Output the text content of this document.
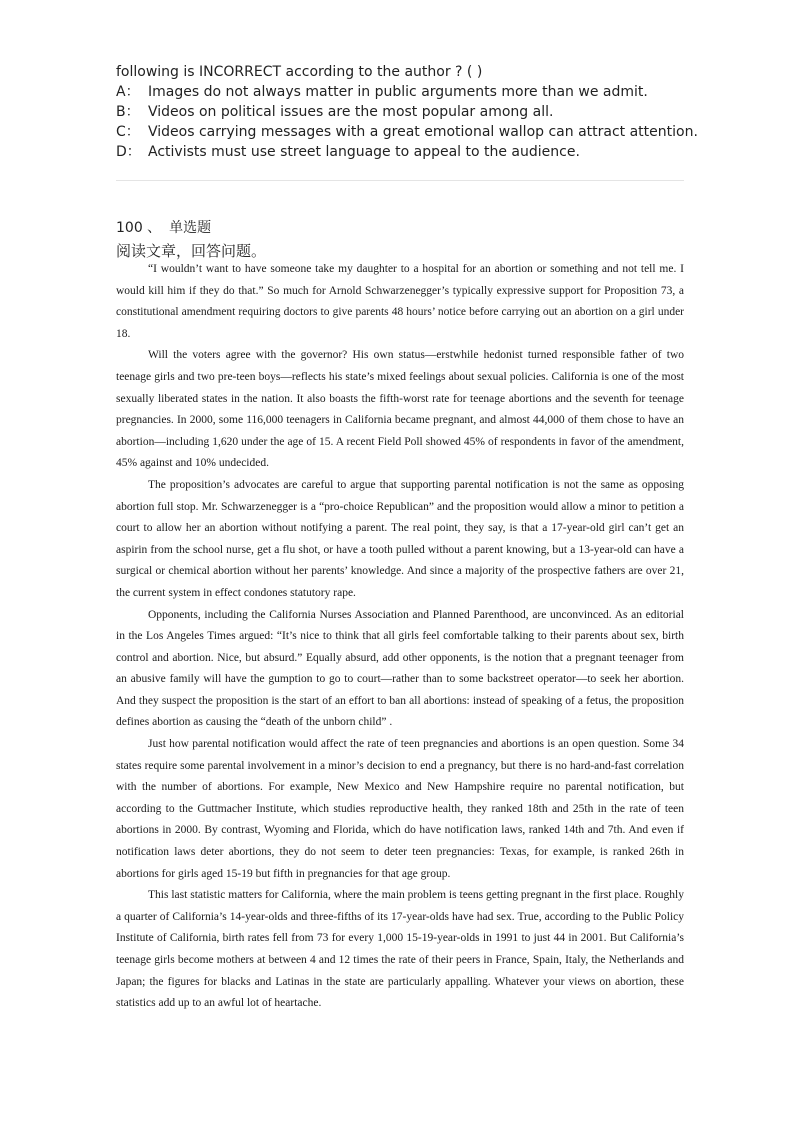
following is INCORRECT according to the author ? ( )
A： Images do not always matter in public arguments more than we admit.
B： Videos on political issues are the most popular among all.
C： Videos carrying messages with a great emotional wallop can attract attention.
D： Activists must use street language to appeal to the audience.
100 、 单选题
阅读文章，回答问题。

“I wouldn’t want to have someone take my daughter to a hospital for an abortion or something and not tell me. I would kill him if they do that.” So much for Arnold Schwarzenegger’s typically expressive support for Proposition 73, a constitutional amendment requiring doctors to give parents 48 hours’ notice before carrying out an abortion on a girl under 18.

Will the voters agree with the governor? His own status—erstwhile hedonist turned responsible father of two teenage girls and two pre-teen boys—reflects his state’s mixed feelings about sexual policies. California is one of the most sexually liberated states in the nation. It also boasts the fifth-worst rate for teenage abortions and the seventh for teenage pregnancies. In 2000, some 116,000 teenagers in California became pregnant, and almost 44,000 of them chose to have an abortion—including 1,620 under the age of 15. A recent Field Poll showed 45% of respondents in favor of the amendment, 45% against and 10% undecided.

The proposition’s advocates are careful to argue that supporting parental notification is not the same as opposing abortion full stop. Mr. Schwarzenegger is a “pro-choice Republican” and the proposition would allow a minor to petition a court to allow her an abortion without notifying a parent. The real point, they say, is that a 17-year-old girl can’t get an aspirin from the school nurse, get a flu shot, or have a tooth pulled without a parent knowing, but a 13-year-old can have a surgical or chemical abortion without her parents’ knowledge. And since a majority of the prospective fathers are over 21, the current system in effect condones statutory rape.

Opponents, including the California Nurses Association and Planned Parenthood, are unconvinced. As an editorial in the Los Angeles Times argued: “It’s nice to think that all girls feel comfortable talking to their parents about sex, birth control and abortion. Nice, but absurd.” Equally absurd, add other opponents, is the notion that a pregnant teenager from an abusive family will have the gumption to go to court—rather than to some backstreet operator—to seek her abortion. And they suspect the proposition is the start of an effort to ban all abortions: instead of speaking of a fetus, the proposition defines abortion as causing the “death of the unborn child” .

Just how parental notification would affect the rate of teen pregnancies and abortions is an open question. Some 34 states require some parental involvement in a minor’s decision to end a pregnancy, but there is no hard-and-fast correlation with the number of abortions. For example, New Mexico and New Hampshire require no parental notification, but according to the Guttmacher Institute, which studies reproductive health, they ranked 18th and 25th in the rate of teen abortions in 2000. By contrast, Wyoming and Florida, which do have notification laws, ranked 14th and 7th. And even if notification laws deter abortions, they do not seem to deter teen pregnancies: Texas, for example, is ranked 26th in abortions for girls aged 15-19 but fifth in pregnancies for that age group.

This last statistic matters for California, where the main problem is teens getting pregnant in the first place. Roughly a quarter of California’s 14-year-olds and three-fifths of its 17-year-olds have had sex. True, according to the Public Policy Institute of California, birth rates fell from 73 for every 1,000 15-19-year-olds in 1991 to just 44 in 2001. But California’s teenage girls become mothers at between 4 and 12 times the rate of their peers in France, Spain, Italy, the Netherlands and Japan; the figures for blacks and Latinas in the state are particularly appalling. Whatever your views on abortion, these statistics add up to an awful lot of heartache.
